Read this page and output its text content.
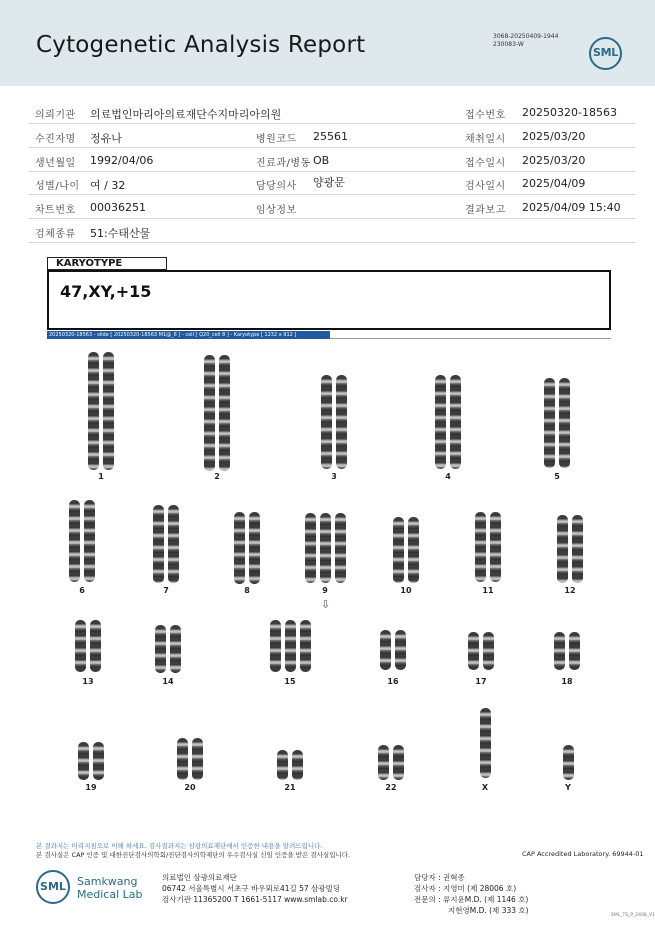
Cytogenetic Analysis Report	3068-20250409-1944
230083-W
SML
의뢰기관 의료법인마리아의료재단수지마리아의원	접수번호 20250320-18563
수진자명 정유나	병원코드 25561	채취일시 2025/03/20
생년월일 1992/04/06	진료과/병동 OB	접수일시 2025/03/20
성별/나이 여 / 32	담당의사 양광문	검사일시 2025/04/09
차트번호 00036251	임상정보	결과보고 2025/04/09 15:40
검체종류 51:수태산물
KARYOTYPE
47,XY,+15
20250320-18563 - slide [ 20250320-18563 M1@_6 ] - cell [ Q20_cell 8 ] - Karyotype [ 1232 x 912 ]
1	2	3	4	5
6	7	8	9	10	11	12
13	14	15	16	17	18
19	20	21	22	X	Y
⇩
본 결과지는 미리지침으로 이해 하세요. 검사결과지는 삼광의료재단에서 인증한 내용을 알려드립니다.
본 검사실은 CAP 인증 및 대한진단검사의학회/진단검사의학재단의 우수검사실 신임 인증을 받은 검사실입니다.	CAP Accredited Laboratory. 69944-01
SML	Samkwang
Medical Lab
의료법인 삼광의료재단
06742 서울특별시 서초구 바우뫼로41길 57 삼광빌딩
검사기관 11365200 T 1661-5117 www.smlab.co.kr
담당자 : 권혁종
검사자 : 지영미 (제 28006 호)
전문의 : 류지윤M.D. (제 1146 호)
지현영M.D. (제 333 호)
SML_TS_P_2408_V1
